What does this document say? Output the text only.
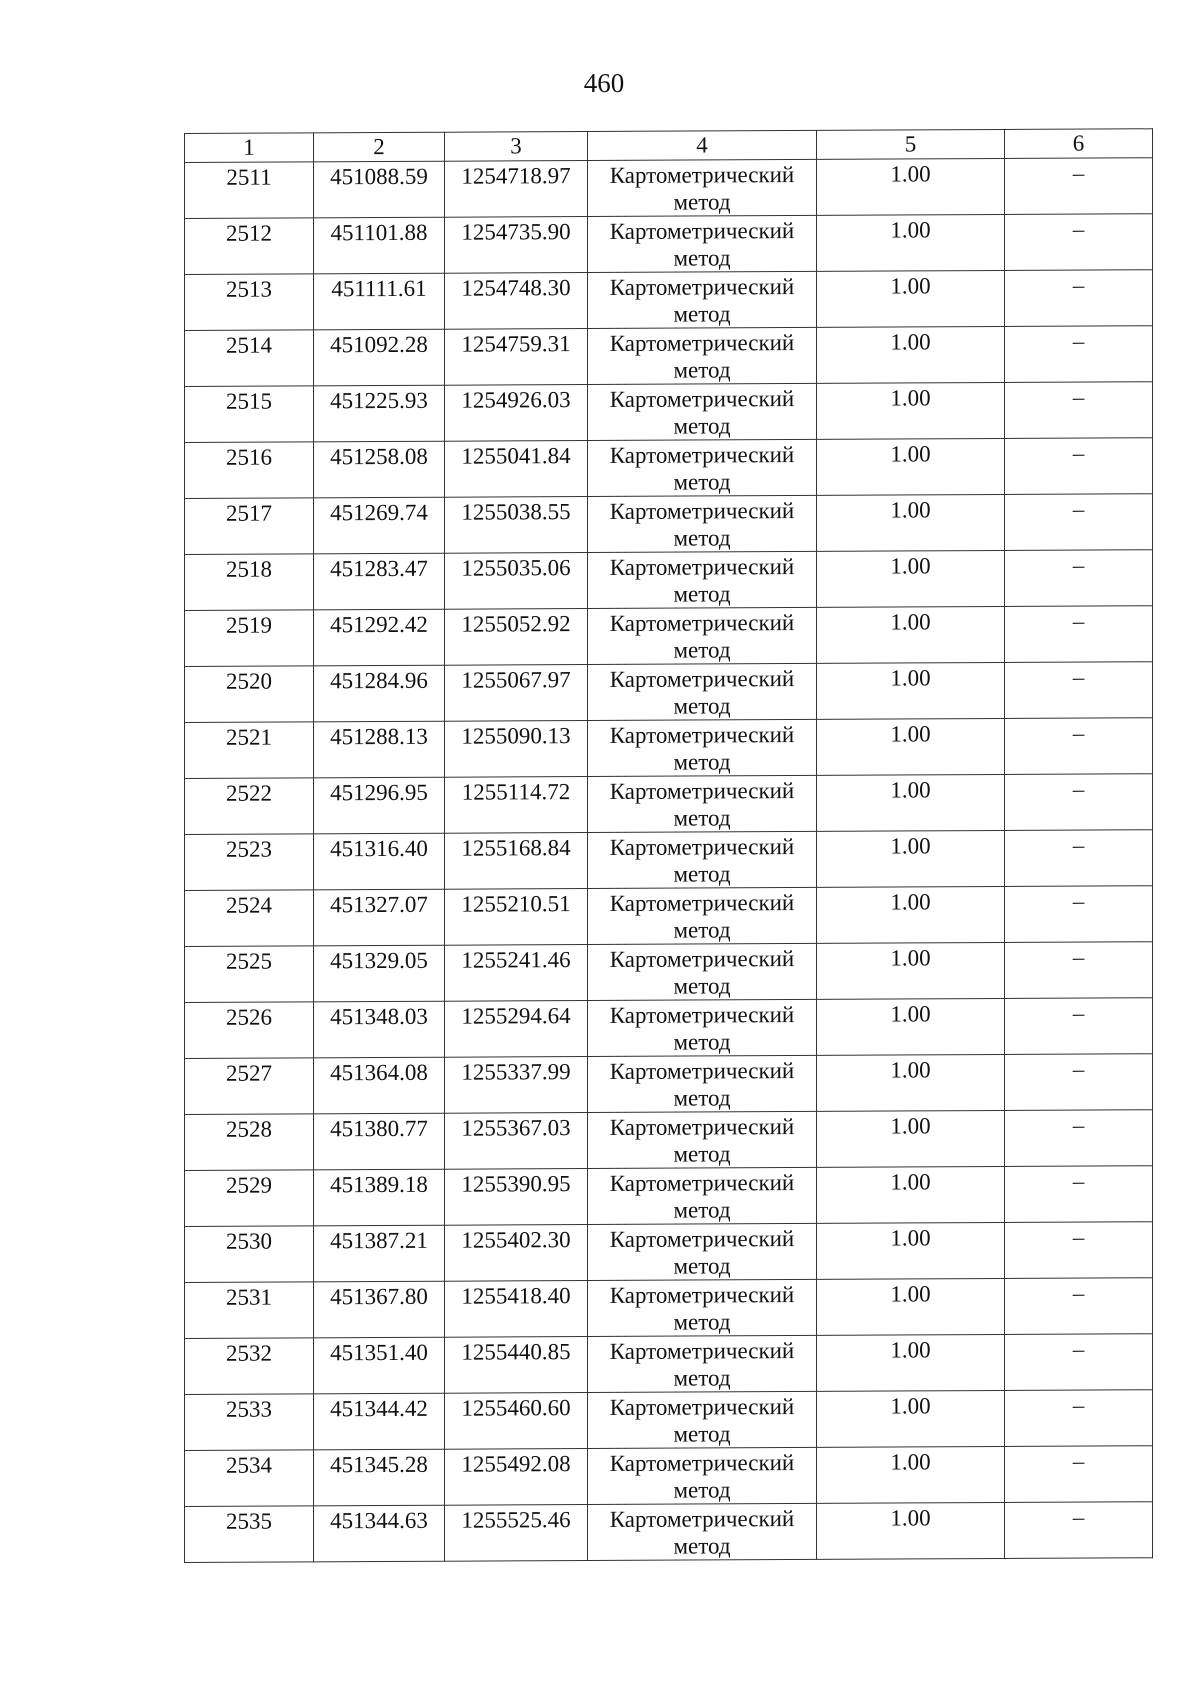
460
1	2	3	4	5	6
2511	451088.59	1254718.97	Картометрический метод	1.00	–
2512	451101.88	1254735.90	Картометрический метод	1.00	–
2513	451111.61	1254748.30	Картометрический метод	1.00	–
2514	451092.28	1254759.31	Картометрический метод	1.00	–
2515	451225.93	1254926.03	Картометрический метод	1.00	–
2516	451258.08	1255041.84	Картометрический метод	1.00	–
2517	451269.74	1255038.55	Картометрический метод	1.00	–
2518	451283.47	1255035.06	Картометрический метод	1.00	–
2519	451292.42	1255052.92	Картометрический метод	1.00	–
2520	451284.96	1255067.97	Картометрический метод	1.00	–
2521	451288.13	1255090.13	Картометрический метод	1.00	–
2522	451296.95	1255114.72	Картометрический метод	1.00	–
2523	451316.40	1255168.84	Картометрический метод	1.00	–
2524	451327.07	1255210.51	Картометрический метод	1.00	–
2525	451329.05	1255241.46	Картометрический метод	1.00	–
2526	451348.03	1255294.64	Картометрический метод	1.00	–
2527	451364.08	1255337.99	Картометрический метод	1.00	–
2528	451380.77	1255367.03	Картометрический метод	1.00	–
2529	451389.18	1255390.95	Картометрический метод	1.00	–
2530	451387.21	1255402.30	Картометрический метод	1.00	–
2531	451367.80	1255418.40	Картометрический метод	1.00	–
2532	451351.40	1255440.85	Картометрический метод	1.00	–
2533	451344.42	1255460.60	Картометрический метод	1.00	–
2534	451345.28	1255492.08	Картометрический метод	1.00	–
2535	451344.63	1255525.46	Картометрический метод	1.00	–
